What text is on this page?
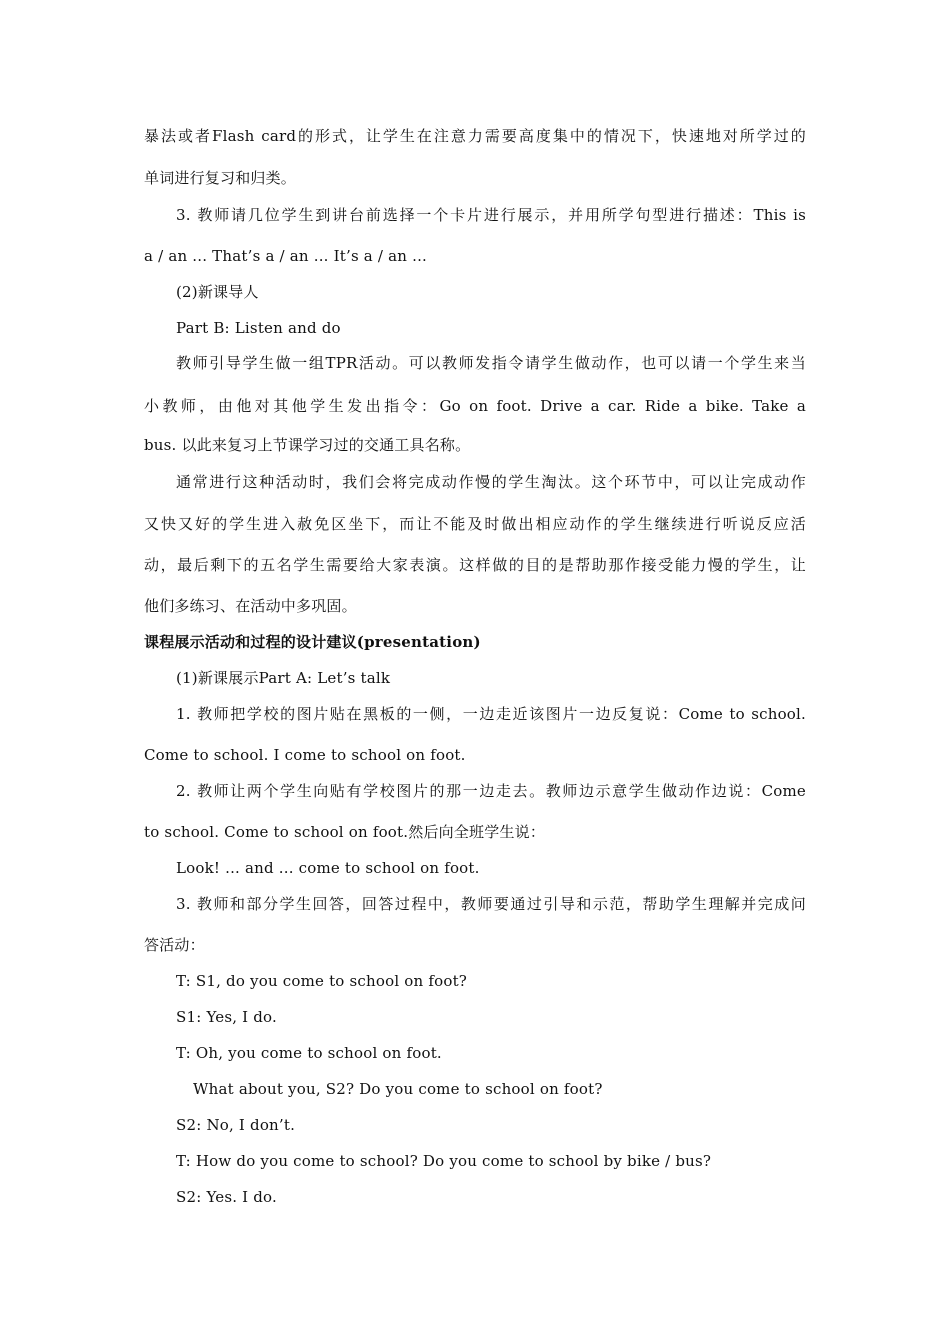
暴法或者Flash card的形式，让学生在注意力需要高度集中的情况下，快速地对所学过的
单词进行复习和归类。
3. 教师请几位学生到讲台前选择一个卡片进行展示，并用所学句型进行描述：This is
a / an ... That’s a / an ... It’s a / an ...
(2)新课导人
Part B: Listen and do
教师引导学生做一组TPR活动。可以教师发指令请学生做动作，也可以请一个学生来当
小教师，由他对其他学生发出指令：Go on foot. Drive a car. Ride a bike. Take a
bus. 以此来复习上节课学习过的交通工具名称。
通常进行这种活动时，我们会将完成动作慢的学生淘汰。这个环节中，可以让完成动作
又快又好的学生进入赦免区坐下，而让不能及时做出相应动作的学生继续进行听说反应活
动，最后剩下的五名学生需要给大家表演。这样做的目的是帮助那作接受能力慢的学生，让
他们多练习、在活动中多巩固。
课程展示活动和过程的设计建议(presentation)
(1)新课展示Part A: Let’s talk
1. 教师把学校的图片贴在黑板的一侧，一边走近该图片一边反复说：Come to school.
Come to school. I come to school on foot.
2. 教师让两个学生向贴有学校图片的那一边走去。教师边示意学生做动作边说：Come
to school. Come to school on foot.然后向全班学生说：
Look! ... and ... come to school on foot.
3. 教师和部分学生回答，回答过程中，教师要通过引导和示范，帮助学生理解并完成问
答活动：
T: S1, do you come to school on foot?
S1: Yes, I do.
T: Oh, you come to school on foot.
What about you, S2? Do you come to school on foot?
S2: No, I don’t.
T: How do you come to school? Do you come to school by bike / bus?
S2: Yes. I do.
